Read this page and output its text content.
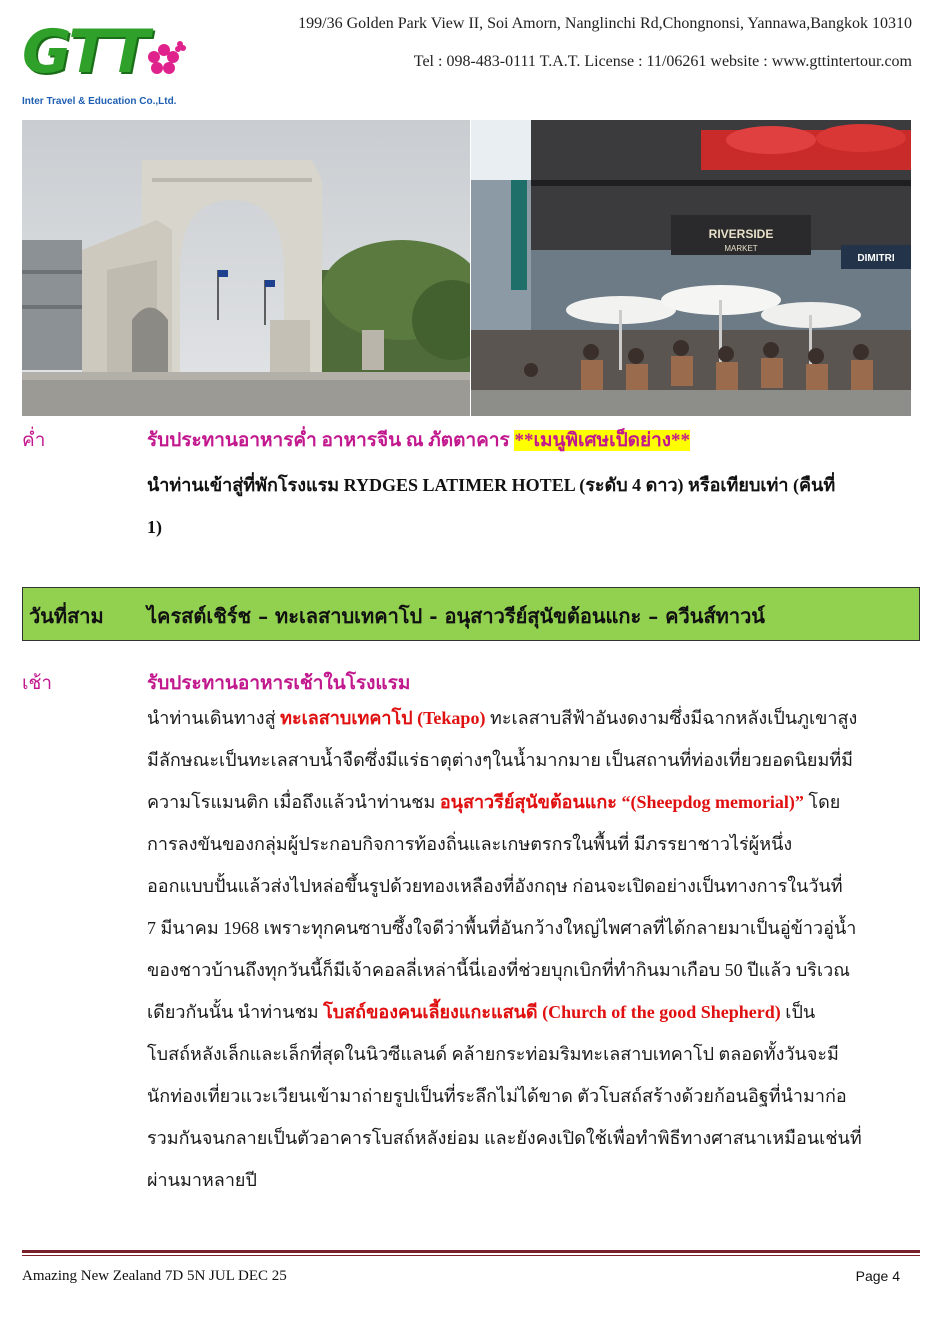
GTT
Inter Travel & Education Co.,Ltd.
199/36 Golden Park View II, Soi Amorn, Nanglinchi Rd,Chongnonsi, Yannawa,Bangkok 10310
Tel : 098-483-0111 T.A.T. License : 11/06261 website : www.gttintertour.com
RIVERSIDE
MARKET
DIMITRI
ค่ำ	รับประทานอาหารค่ำ อาหารจีน ณ ภัตตาคาร **เมนูพิเศษเป็ดย่าง**
นำท่านเข้าสู่ที่พักโรงแรม RYDGES LATIMER HOTEL (ระดับ 4 ดาว) หรือเทียบเท่า (คืนที่
1)
วันที่สาม ไครสต์เชิร์ช – ทะเลสาบเทคาโป - อนุสาวรีย์สุนัขต้อนแกะ – ควีนส์ทาวน์
เช้า	รับประทานอาหารเช้าในโรงแรม
นำท่านเดินทางสู่ ทะเลสาบเทคาโป (Tekapo) ทะเลสาบสีฟ้าอันงดงามซึ่งมีฉากหลังเป็นภูเขาสูง
มีลักษณะเป็นทะเลสาบน้ำจืดซึ่งมีแร่ธาตุต่างๆในน้ำมากมาย เป็นสถานที่ท่องเที่ยวยอดนิยมที่มี
ความโรแมนติก เมื่อถึงแล้วนำท่านชม อนุสาวรีย์สุนัขต้อนแกะ “(Sheepdog memorial)” โดย
การลงขันของกลุ่มผู้ประกอบกิจการท้องถิ่นและเกษตรกรในพื้นที่ มีภรรยาชาวไร่ผู้หนึ่ง
ออกแบบปั้นแล้วส่งไปหล่อขึ้นรูปด้วยทองเหลืองที่อังกฤษ ก่อนจะเปิดอย่างเป็นทางการในวันที่
7 มีนาคม 1968 เพราะทุกคนซาบซึ้งใจดีว่าพื้นที่อันกว้างใหญ่ไพศาลที่ได้กลายมาเป็นอู่ข้าวอู่น้ำ
ของชาวบ้านถึงทุกวันนี้ก็มีเจ้าคอลลี่เหล่านี้นี่เองที่ช่วยบุกเบิกที่ทำกินมาเกือบ 50 ปีแล้ว บริเวณ
เดียวกันนั้น นำท่านชม โบสถ์ของคนเลี้ยงแกะแสนดี (Church of the good Shepherd) เป็น
โบสถ์หลังเล็กและเล็กที่สุดในนิวซีแลนด์ คล้ายกระท่อมริมทะเลสาบเทคาโป ตลอดทั้งวันจะมี
นักท่องเที่ยวแวะเวียนเข้ามาถ่ายรูปเป็นที่ระลึกไม่ได้ขาด ตัวโบสถ์สร้างด้วยก้อนอิฐที่นำมาก่อ
รวมกันจนกลายเป็นตัวอาคารโบสถ์หลังย่อม และยังคงเปิดใช้เพื่อทำพิธีทางศาสนาเหมือนเช่นที่
ผ่านมาหลายปี
Amazing New Zealand 7D 5N JUL DEC 25	Page 4
